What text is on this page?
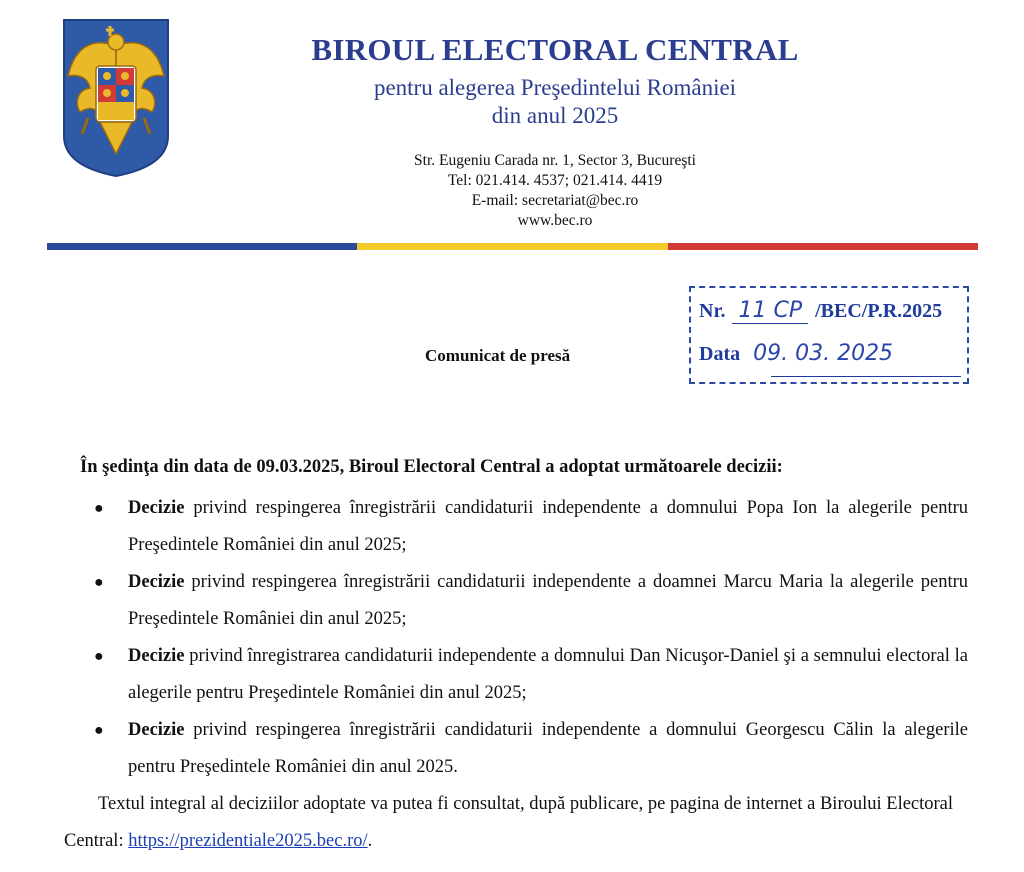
BIROUL ELECTORAL CENTRAL
pentru alegerea Preşedintelui României
din anul 2025
Str. Eugeniu Carada nr. 1, Sector 3, Bucureşti
Tel: 021.414. 4537; 021.414. 4419
E-mail: secretariat@bec.ro
www.bec.ro
Nr. 11 CP /BEC/P.R.2025
Data 09. 03. 2025
Comunicat de presă
În şedinţa din data de 09.03.2025, Biroul Electoral Central a adoptat următoarele decizii:
● Decizie privind respingerea înregistrării candidaturii independente a domnului Popa Ion la alegerile pentru Preşedintele României din anul 2025;
● Decizie privind respingerea înregistrării candidaturii independente a doamnei Marcu Maria la alegerile pentru Preşedintele României din anul 2025;
● Decizie privind înregistrarea candidaturii independente a domnului Dan Nicuşor-Daniel şi a semnului electoral la alegerile pentru Preşedintele României din anul 2025;
● Decizie privind respingerea înregistrării candidaturii independente a domnului Georgescu Călin la alegerile pentru Preşedintele României din anul 2025.
Textul integral al deciziilor adoptate va putea fi consultat, după publicare, pe pagina de internet a Biroului Electoral Central: https://prezidentiale2025.bec.ro/.
